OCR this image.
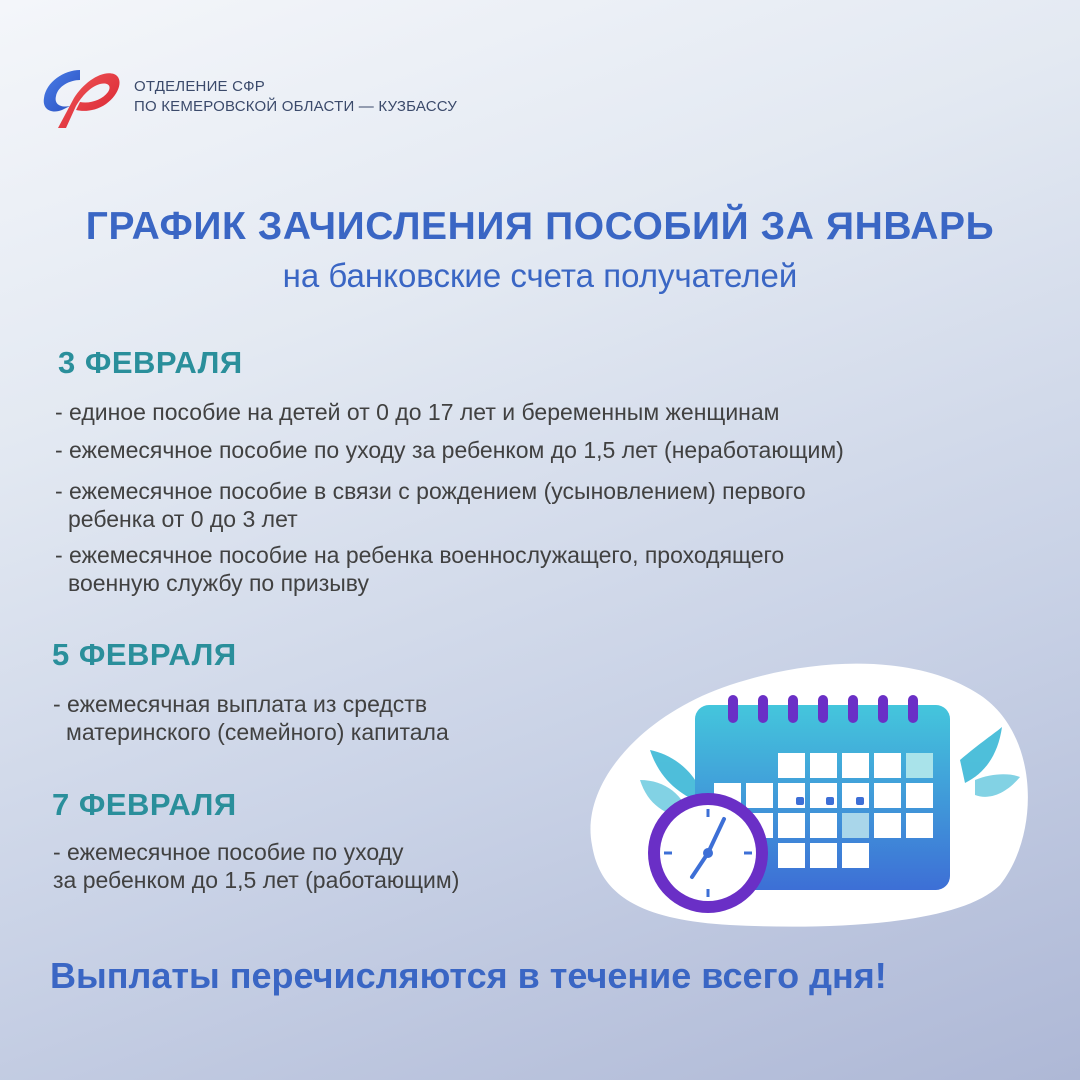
ОТДЕЛЕНИЕ СФР
ПО КЕМЕРОВСКОЙ ОБЛАСТИ — КУЗБАССУ
ГРАФИК ЗАЧИСЛЕНИЯ ПОСОБИЙ ЗА ЯНВАРЬ
на банковские счета получателей
3 ФЕВРАЛЯ
- единое пособие на детей от 0 до 17 лет и беременным женщинам
- ежемесячное пособие по уходу за ребенком до 1,5 лет (неработающим)
- ежемесячное пособие в связи с рождением (усыновлением) первого
ребенка от 0 до 3 лет
- ежемесячное пособие на ребенка военнослужащего, проходящего
военную службу по призыву
5 ФЕВРАЛЯ
- ежемесячная выплата из средств
материнского (семейного) капитала
7 ФЕВРАЛЯ
- ежемесячное пособие по уходу
за ребенком до 1,5 лет (работающим)
Выплаты перечисляются в течение всего дня!
